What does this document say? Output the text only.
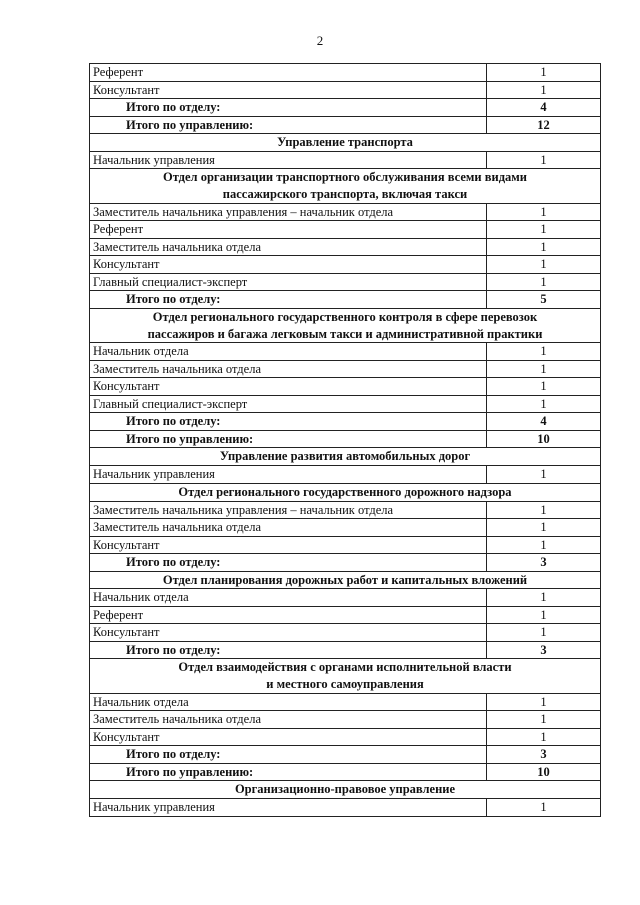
2
Референт	1
Консультант	1
Итого по отделу:	4
Итого по управлению:	12
Управление транспорта	
Начальник управления	1
Отдел организации транспортного обслуживания всеми видами
пассажирского транспорта, включая такси	
Заместитель начальника управления – начальник отдела	1
Референт	1
Заместитель начальника отдела	1
Консультант	1
Главный специалист-эксперт	1
Итого по отделу:	5
Отдел регионального государственного контроля в сфере перевозок
пассажиров и багажа легковым такси и административной практики	
Начальник отдела	1
Заместитель начальника отдела	1
Консультант	1
Главный специалист-эксперт	1
Итого по отделу:	4
Итого по управлению:	10
Управление развития автомобильных дорог	
Начальник управления	1
Отдел регионального государственного дорожного надзора	
Заместитель начальника управления – начальник отдела	1
Заместитель начальника отдела	1
Консультант	1
Итого по отделу:	3
Отдел планирования дорожных работ и капитальных вложений	
Начальник отдела	1
Референт	1
Консультант	1
Итого по отделу:	3
Отдел взаимодействия с органами исполнительной власти
и местного самоуправления	
Начальник отдела	1
Заместитель начальника отдела	1
Консультант	1
Итого по отделу:	3
Итого по управлению:	10
Организационно-правовое управление	
Начальник управления	1
